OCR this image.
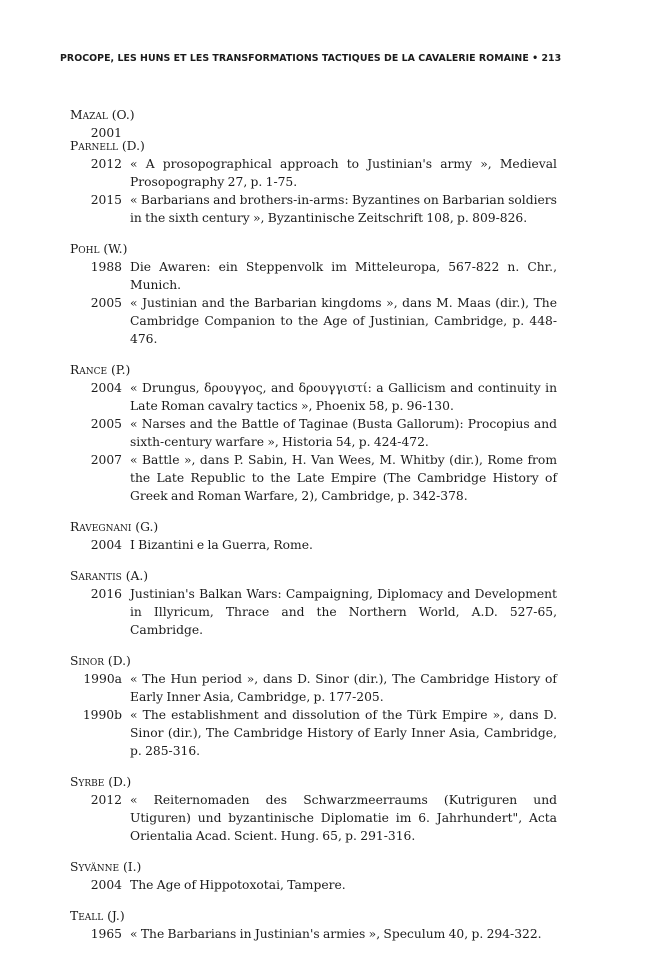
PROCOPE, LES HUNS ET LES TRANSFORMATIONS TACTIQUES DE LA CAVALERIE ROMAINE • 213
Mazal (O.)
2001
Parnell (D.)
2012 « A prosopographical approach to Justinian's army », Medieval Prosopography 27, p. 1-75.
2015 « Barbarians and brothers-in-arms: Byzantines on Barbarian soldiers in the sixth century », Byzantinische Zeitschrift 108, p. 809-826.
Pohl (W.)
1988 Die Awaren: ein Steppenvolk im Mitteleuropa, 567-822 n. Chr., Munich.
2005 « Justinian and the Barbarian kingdoms », dans M. Maas (dir.), The Cambridge Companion to the Age of Justinian, Cambridge, p. 448-476.
Rance (P.)
2004 « Drungus, δρουγγος, and δρουγγιστί: a Gallicism and continuity in Late Roman cavalry tactics », Phoenix 58, p. 96-130.
2005 « Narses and the Battle of Taginae (Busta Gallorum): Procopius and sixth-century warfare », Historia 54, p. 424-472.
2007 « Battle », dans P. Sabin, H. Van Wees, M. Whitby (dir.), Rome from the Late Republic to the Late Empire (The Cambridge History of Greek and Roman Warfare, 2), Cambridge, p. 342-378.
Ravegnani (G.)
2004 I Bizantini e la Guerra, Rome.
Sarantis (A.)
2016 Justinian's Balkan Wars: Campaigning, Diplomacy and Development in Illyricum, Thrace and the Northern World, A.D. 527-65, Cambridge.
Sinor (D.)
1990a « The Hun period », dans D. Sinor (dir.), The Cambridge History of Early Inner Asia, Cambridge, p. 177-205.
1990b « The establishment and dissolution of the Türk Empire », dans D. Sinor (dir.), The Cambridge History of Early Inner Asia, Cambridge, p. 285-316.
Syrbe (D.)
2012 « Reiternomaden des Schwarzmeerraums (Kutriguren und Utiguren) und byzantinische Diplomatie im 6. Jahrhundert", Acta Orientalia Acad. Scient. Hung. 65, p. 291-316.
Syvänne (I.)
2004 The Age of Hippotoxotai, Tampere.
Teall (J.)
1965 « The Barbarians in Justinian's armies », Speculum 40, p. 294-322.
